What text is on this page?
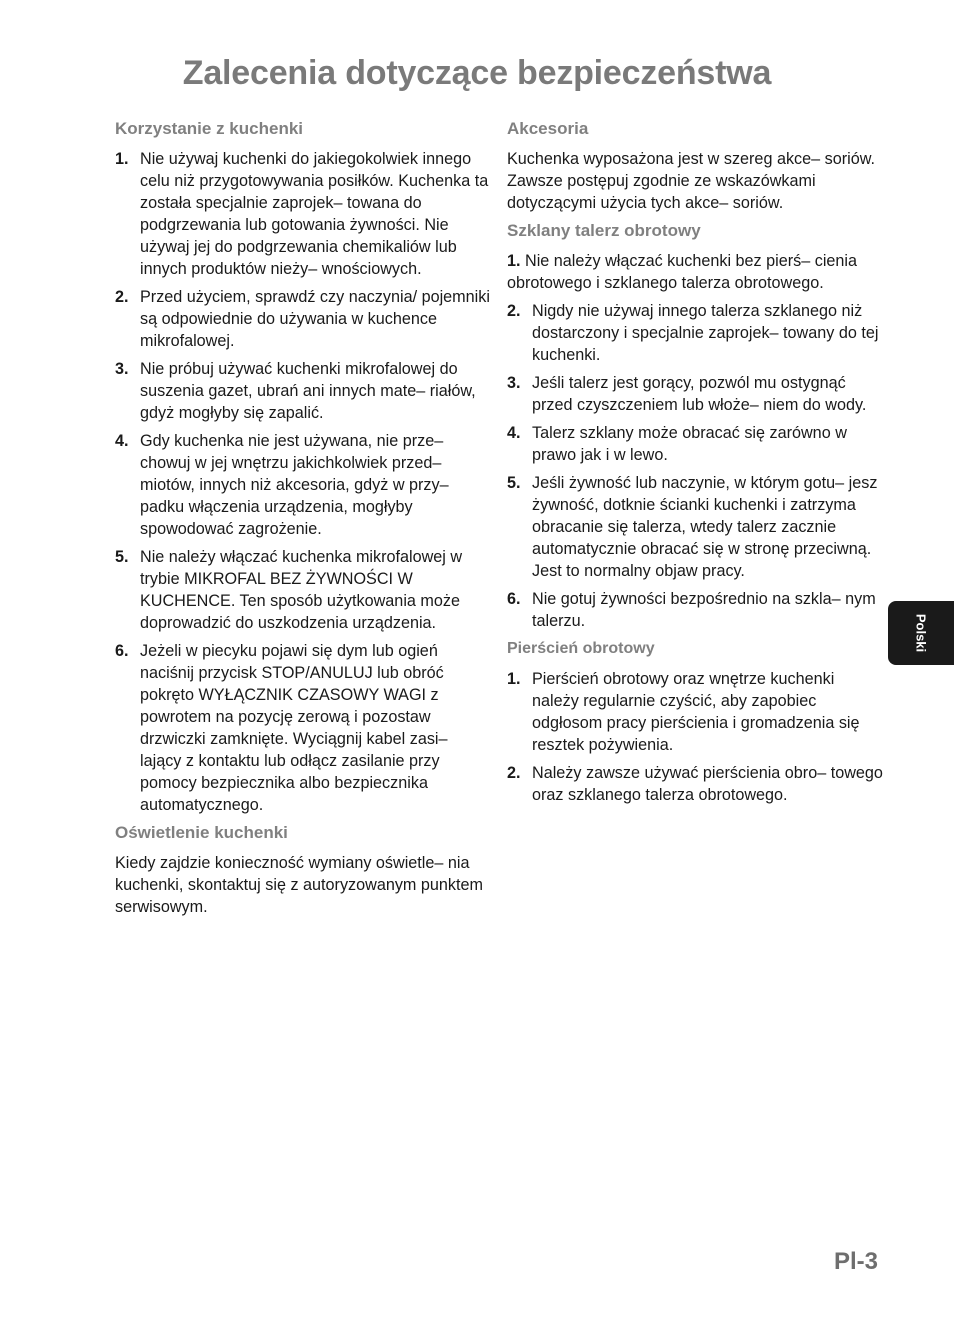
Zalecenia dotyczące bezpieczeństwa
Korzystanie z kuchenki
1. Nie używaj kuchenki do jakiegokolwiek innego celu niż przygotowywania posiłków. Kuchenka ta została specjalnie zaprojek– towana do podgrzewania lub gotowania żywności. Nie używaj jej do podgrzewania chemikaliów lub innych produktów nieży– wnościowych.
2. Przed użyciem, sprawdź czy naczynia/ pojemniki są odpowiednie do używania w kuchence mikrofalowej.
3. Nie próbuj używać kuchenki mikrofalowej do suszenia gazet, ubrań ani innych mate– riałów, gdyż mogłyby się zapalić.
4. Gdy kuchenka nie jest używana, nie prze– chowuj w jej wnętrzu jakichkolwiek przed– miotów, innych niż akcesoria, gdyż w przy– padku włączenia urządzenia, mogłyby spowodować zagrożenie.
5. Nie należy włączać kuchenka mikrofalowej w trybie MIKROFAL BEZ ŻYWNOŚCI W KUCHENCE. Ten sposób użytkowania może doprowadzić do uszkodzenia urządzenia.
6. Jeżeli w piecyku pojawi się dym lub ogień naciśnij przycisk STOP/ANULUJ lub obróć pokręto WYŁĄCZNIK CZASOWY WAGI z powrotem na pozycję zerową i pozostaw drzwiczki zamknięte. Wyciągnij kabel zasi– lający z kontaktu lub odłącz zasilanie przy pomocy bezpiecznika albo bezpiecznika automatycznego.
Oświetlenie kuchenki

Kiedy zajdzie konieczność wymiany oświetle– nia kuchenki, skontaktuj się z autoryzowanym punktem serwisowym.

Akcesoria

Kuchenka wyposażona jest w szereg akce– soriów. Zawsze postępuj zgodnie ze wskazówkami dotyczącymi użycia tych akce– soriów.

Szklany talerz obrotowy
1. Nie należy włączać kuchenki bez pierś– cienia obrotowego i szklanego talerza obrotowego.
2. Nigdy nie używaj innego talerza szklanego niż dostarczony i specjalnie zaprojek– towany do tej kuchenki.
3. Jeśli talerz jest gorący, pozwól mu ostygnąć przed czyszczeniem lub włoże– niem do wody.
4. Talerz szklany może obracać się zarówno w prawo jak i w lewo.
5. Jeśli żywność lub naczynie, w którym gotu– jesz żywność, dotknie ścianki kuchenki i zatrzyma obracanie się talerza, wtedy talerz zacznie automatycznie obracać się w stronę przeciwną. Jest to normalny objaw pracy.
6. Nie gotuj żywności bezpośrednio na szkla– nym talerzu.
Pierścień obrotowy
1. Pierścień obrotowy oraz wnętrze kuchenki należy regularnie czyścić, aby zapobiec odgłosom pracy pierścienia i gromadzenia się resztek pożywienia.
2. Należy zawsze używać pierścienia obro– towego oraz szklanego talerza obrotowego.
Polski
Pl-3
